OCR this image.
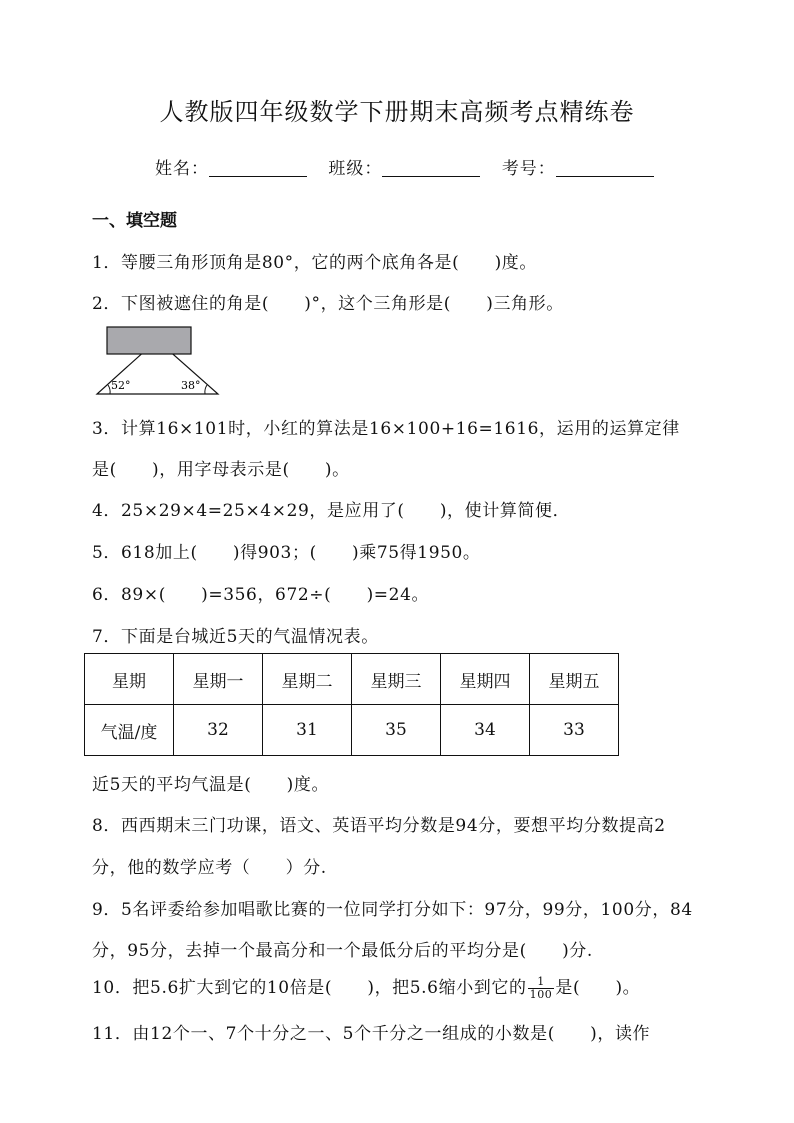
人教版四年级数学下册期末高频考点精练卷
姓名：	班级：	考号：
一、填空题
1．等腰三角形顶角是80°，它的两个底角各是(　　)度。
2．下图被遮住的角是(　　)°，这个三角形是(　　)三角形。
52°	38°
3．计算16×101时，小红的算法是16×100+16=1616，运用的运算定律
是(　　)，用字母表示是(　　)。
4．25×29×4=25×4×29，是应用了(　　)，使计算简便．
5．618加上(　　)得903；(　　)乘75得1950。
6．89×(　　)=356，672÷(　　)=24。
7．下面是台城近5天的气温情况表。
星期	星期一	星期二	星期三	星期四	星期五
气温/度	32	31	35	34	33
近5天的平均气温是(　　)度。
8．西西期末三门功课，语文、英语平均分数是94分，要想平均分数提高2
分，他的数学应考（　　）分.
9．5名评委给参加唱歌比赛的一位同学打分如下：97分，99分，100分，84
分，95分，去掉一个最高分和一个最低分后的平均分是(　　)分.
10．把5.6扩大到它的10倍是(　　)，把5.6缩小到它的 $\frac{1}{100}$ 是(　　)。
11．由12个一、7个十分之一、5个千分之一组成的小数是(　　)，读作
